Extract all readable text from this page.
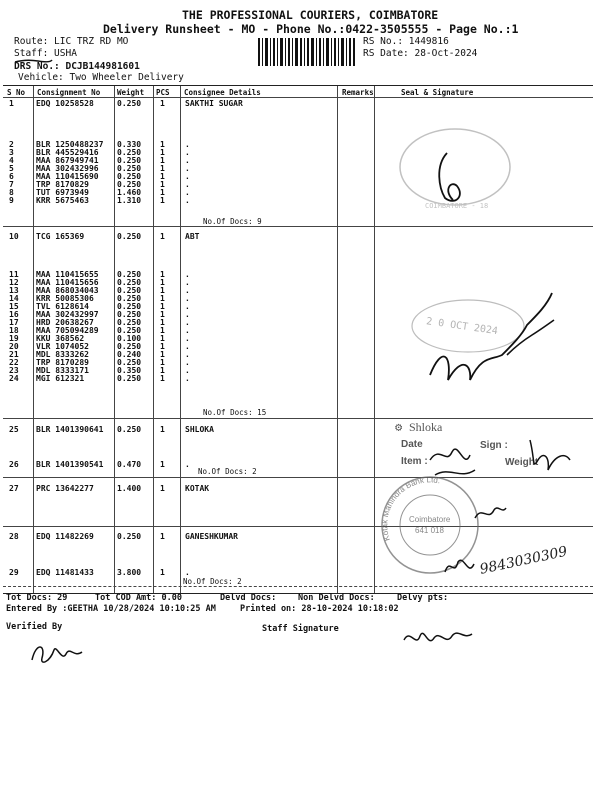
THE PROFESSIONAL COURIERS, COIMBATORE
Delivery Runsheet - MO - Phone No.:0422-3505555 - Page No.:1
Route: LIC TRZ RD MO
Staff: USHA
DRS No.: DCJB144981601
Vehicle: Two Wheeler Delivery
RS No.: 1449816
RS Date: 28-Oct-2024
S No Consignment No Weight PCS Consignee Details	Remarks	Seal & Signature
1	EDQ 10258528	0.250 1	SAKTHI SUGAR
2	BLR 1250488237 0.330 1	.
3	BLR 445529416 0.250 1	.
4	MAA 867949741 0.250 1	.
5	MAA 302432996 0.250 1	.
6	MAA 110415690 0.250 1	.
7	TRP 8170829	0.250 1	.
8	TUT 6973949	1.460 1	.
9	KRR 5675463	1.310 1	.
10 TCG 165369	0.250 1	ABT
11 MAA 110415655 0.250 1	.
12 MAA 110415656 0.250 1	.
13 MAA 868034043 0.250 1	.
14 KRR 50085306	0.250 1	.
15 TVL 6128614	0.250 1	.
16 MAA 302432997 0.250 1	.
17 HRD 20638267	0.250 1	.
18 MAA 705094289 0.250 1	.
19 KKU 368562	0.100 1	.
20 VLR 1074052	0.250 1	.
21 MDL 8333262	0.240 1	.
22 TRP 8170289	0.250 1	.
23 MDL 8333171	0.350 1	.
24 MGI 612321	0.250 1	.
25 BLR 1401390641 0.250 1	SHLOKA
26 BLR 1401390541 0.470 1	.
27 PRC 13642277	1.400 1	KOTAK
28 EDQ 11482269	0.250 1	GANESHKUMAR
29 EDQ 11481433	3.800 1	.
No.Of Docs: 9
No.Of Docs: 15
No.Of Docs: 2
No.Of Docs: 2
COIMBATORE - 18
2 0 OCT 2024
⚙ Shloka
Date	Sign :
Item :	Weight
Kotak Mahindra Bank Ltd.
Coimbatore
641 018
9843030309
Tot Docs: 29	Tot COD Amt: 0.00	Delvd Docs:	Non Delvd Docs:	Delvy pts:
Entered By :GEETHA 10/28/2024 10:10:25 AM	Printed on: 28-10-2024 10:18:02
Verified By	Staff Signature
